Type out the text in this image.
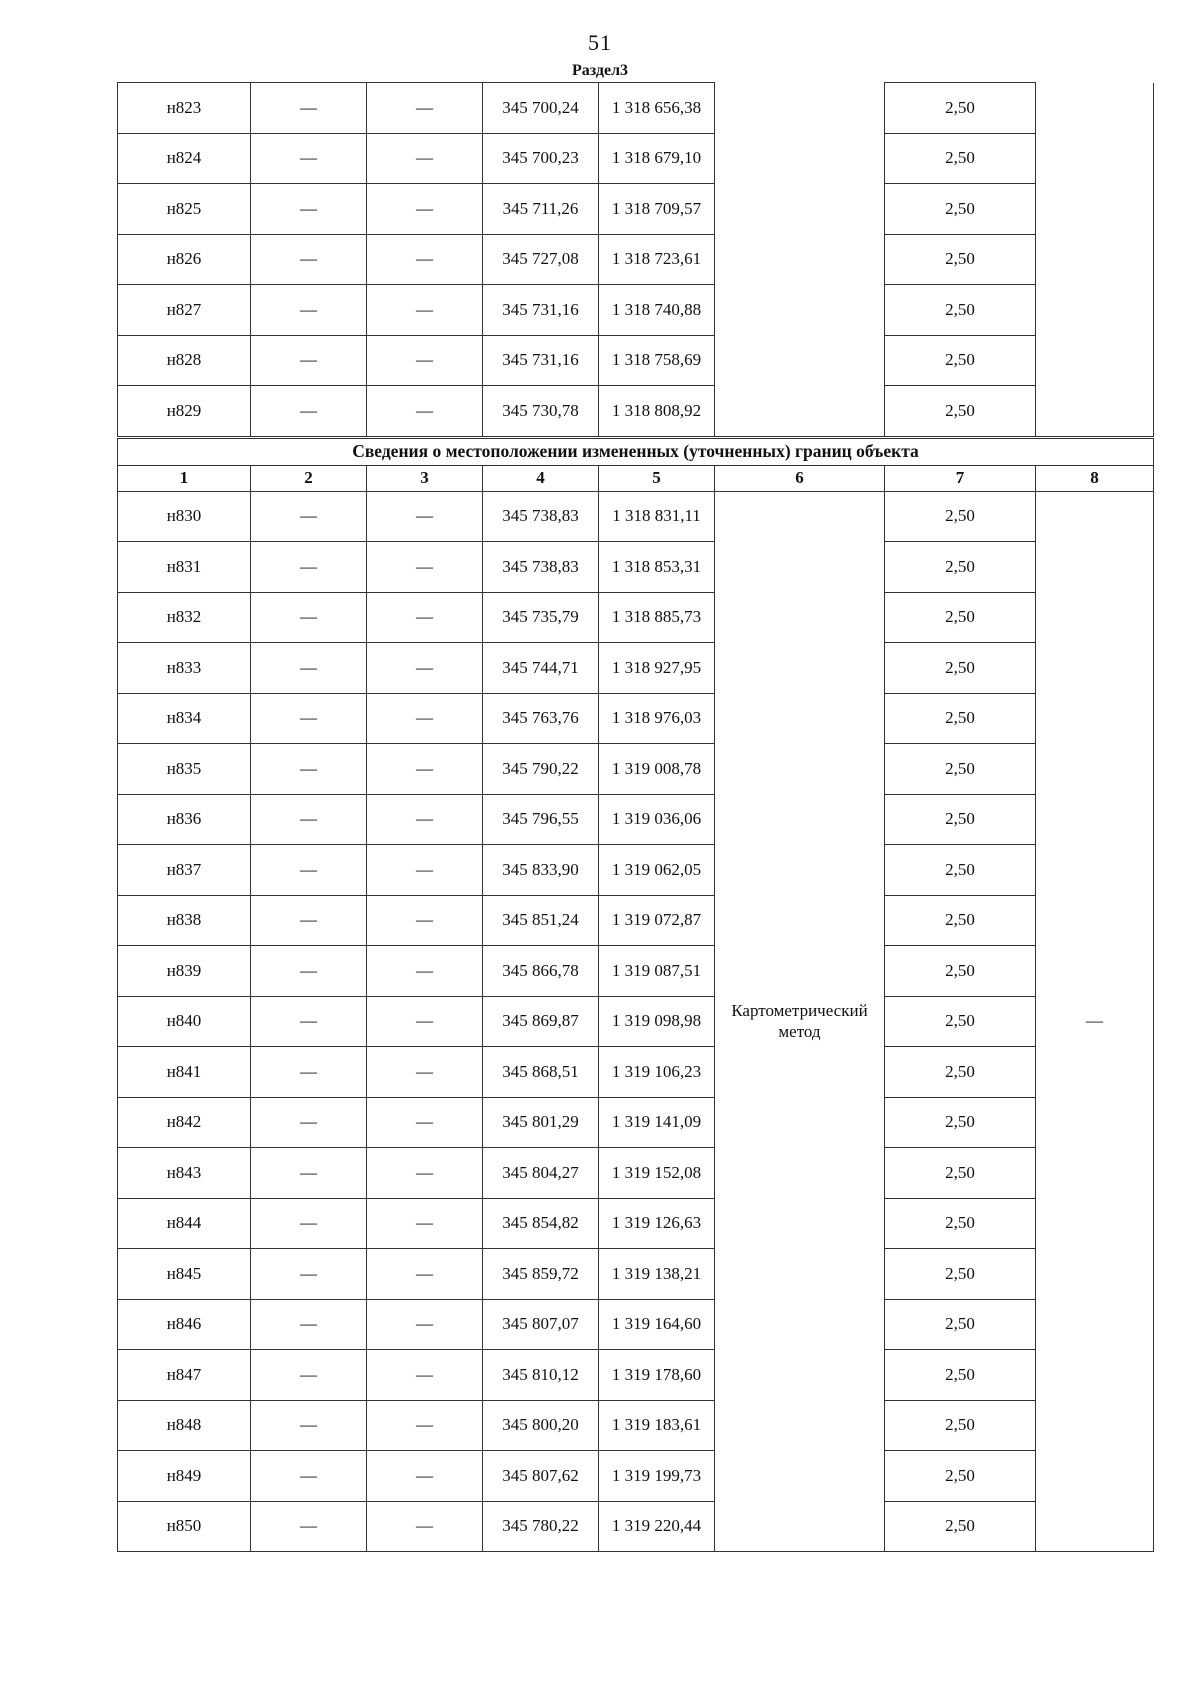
51
Раздел3
н823	—	—	345 700,24	1 318 656,38		2,50	
н824	—	—	345 700,23	1 318 679,10		2,50	
н825	—	—	345 711,26	1 318 709,57		2,50	
н826	—	—	345 727,08	1 318 723,61		2,50	
н827	—	—	345 731,16	1 318 740,88		2,50	
н828	—	—	345 731,16	1 318 758,69		2,50	
н829	—	—	345 730,78	1 318 808,92		2,50	
Сведения о местоположении измененных (уточненных) границ объекта							
1	2	3	4	5	6	7	8
н830	—	—	345 738,83	1 318 831,11	Картометрический метод	2,50	—
н831	—	—	345 738,83	1 318 853,31		2,50	
н832	—	—	345 735,79	1 318 885,73		2,50	
н833	—	—	345 744,71	1 318 927,95		2,50	
н834	—	—	345 763,76	1 318 976,03		2,50	
н835	—	—	345 790,22	1 319 008,78		2,50	
н836	—	—	345 796,55	1 319 036,06		2,50	
н837	—	—	345 833,90	1 319 062,05		2,50	
н838	—	—	345 851,24	1 319 072,87		2,50	
н839	—	—	345 866,78	1 319 087,51		2,50	
н840	—	—	345 869,87	1 319 098,98		2,50	
н841	—	—	345 868,51	1 319 106,23		2,50	
н842	—	—	345 801,29	1 319 141,09		2,50	
н843	—	—	345 804,27	1 319 152,08		2,50	
н844	—	—	345 854,82	1 319 126,63		2,50	
н845	—	—	345 859,72	1 319 138,21		2,50	
н846	—	—	345 807,07	1 319 164,60		2,50	
н847	—	—	345 810,12	1 319 178,60		2,50	
н848	—	—	345 800,20	1 319 183,61		2,50	
н849	—	—	345 807,62	1 319 199,73		2,50	
н850	—	—	345 780,22	1 319 220,44		2,50	
